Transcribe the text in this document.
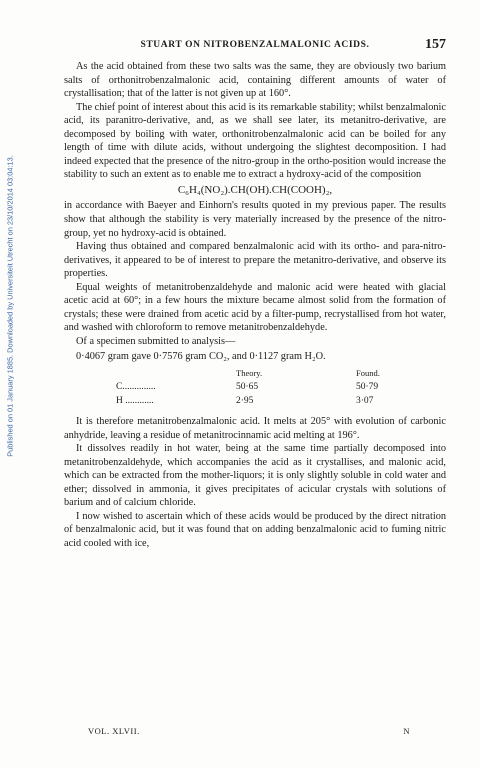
Published on 01 January 1885. Downloaded by Universiteit Utrecht on 23/10/2014 03:04:13.
STUART ON NITROBENZALMALONIC ACIDS.	157

As the acid obtained from these two salts was the same, they are obviously two barium salts of orthonitrobenzalmalonic acid, containing different amounts of water of crystallisation; that of the latter is not given up at 160°.

The chief point of interest about this acid is its remarkable stability; whilst benzalmalonic acid, its paranitro-derivative, and, as we shall see later, its metanitro-derivative, are decomposed by boiling with water, orthonitrobenzalmalonic acid can be boiled for any length of time with dilute acids, without undergoing the slightest decomposition. I had indeed expected that the presence of the nitro-group in the ortho-position would increase the stability to such an extent as to enable me to extract a hydroxy-acid of the composition

C₆H₄(NO₂).CH(OH).CH(COOH)₂,

in accordance with Baeyer and Einhorn's results quoted in my previous paper. The results show that although the stability is very materially increased by the presence of the nitro-group, yet no hydroxy-acid is obtained.

Having thus obtained and compared benzalmalonic acid with its ortho- and para-nitro-derivatives, it appeared to be of interest to prepare the metanitro-derivative, and observe its properties.

Equal weights of metanitrobenzaldehyde and malonic acid were heated with glacial acetic acid at 60°; in a few hours the mixture became almost solid from the formation of crystals; these were drained from acetic acid by a filter-pump, recrystallised from hot water, and washed with chloroform to remove metanitrobenzaldehyde.

Of a specimen submitted to analysis—

0·4067 gram gave 0·7576 gram CO₂, and 0·1127 gram H₂O.
	Theory.	Found.
C..............	50·65	50·79
H ............	2·95	3·07

It is therefore metanitrobenzalmalonic acid. It melts at 205° with evolution of carbonic anhydride, leaving a residue of metanitrocinnamic acid melting at 196°.

It dissolves readily in hot water, being at the same time partially decomposed into metanitrobenzaldehyde, which accompanies the acid as it crystallises, and malonic acid, which can be extracted from the mother-liquors; it is only slightly soluble in cold water and ether; dissolved in ammonia, it gives precipitates of acicular crystals with solutions of barium and of calcium chloride.

I now wished to ascertain which of these acids would be produced by the direct nitration of benzalmalonic acid, but it was found that on adding benzalmalonic acid to fuming nitric acid cooled with ice,

VOL. XLVII.	N
